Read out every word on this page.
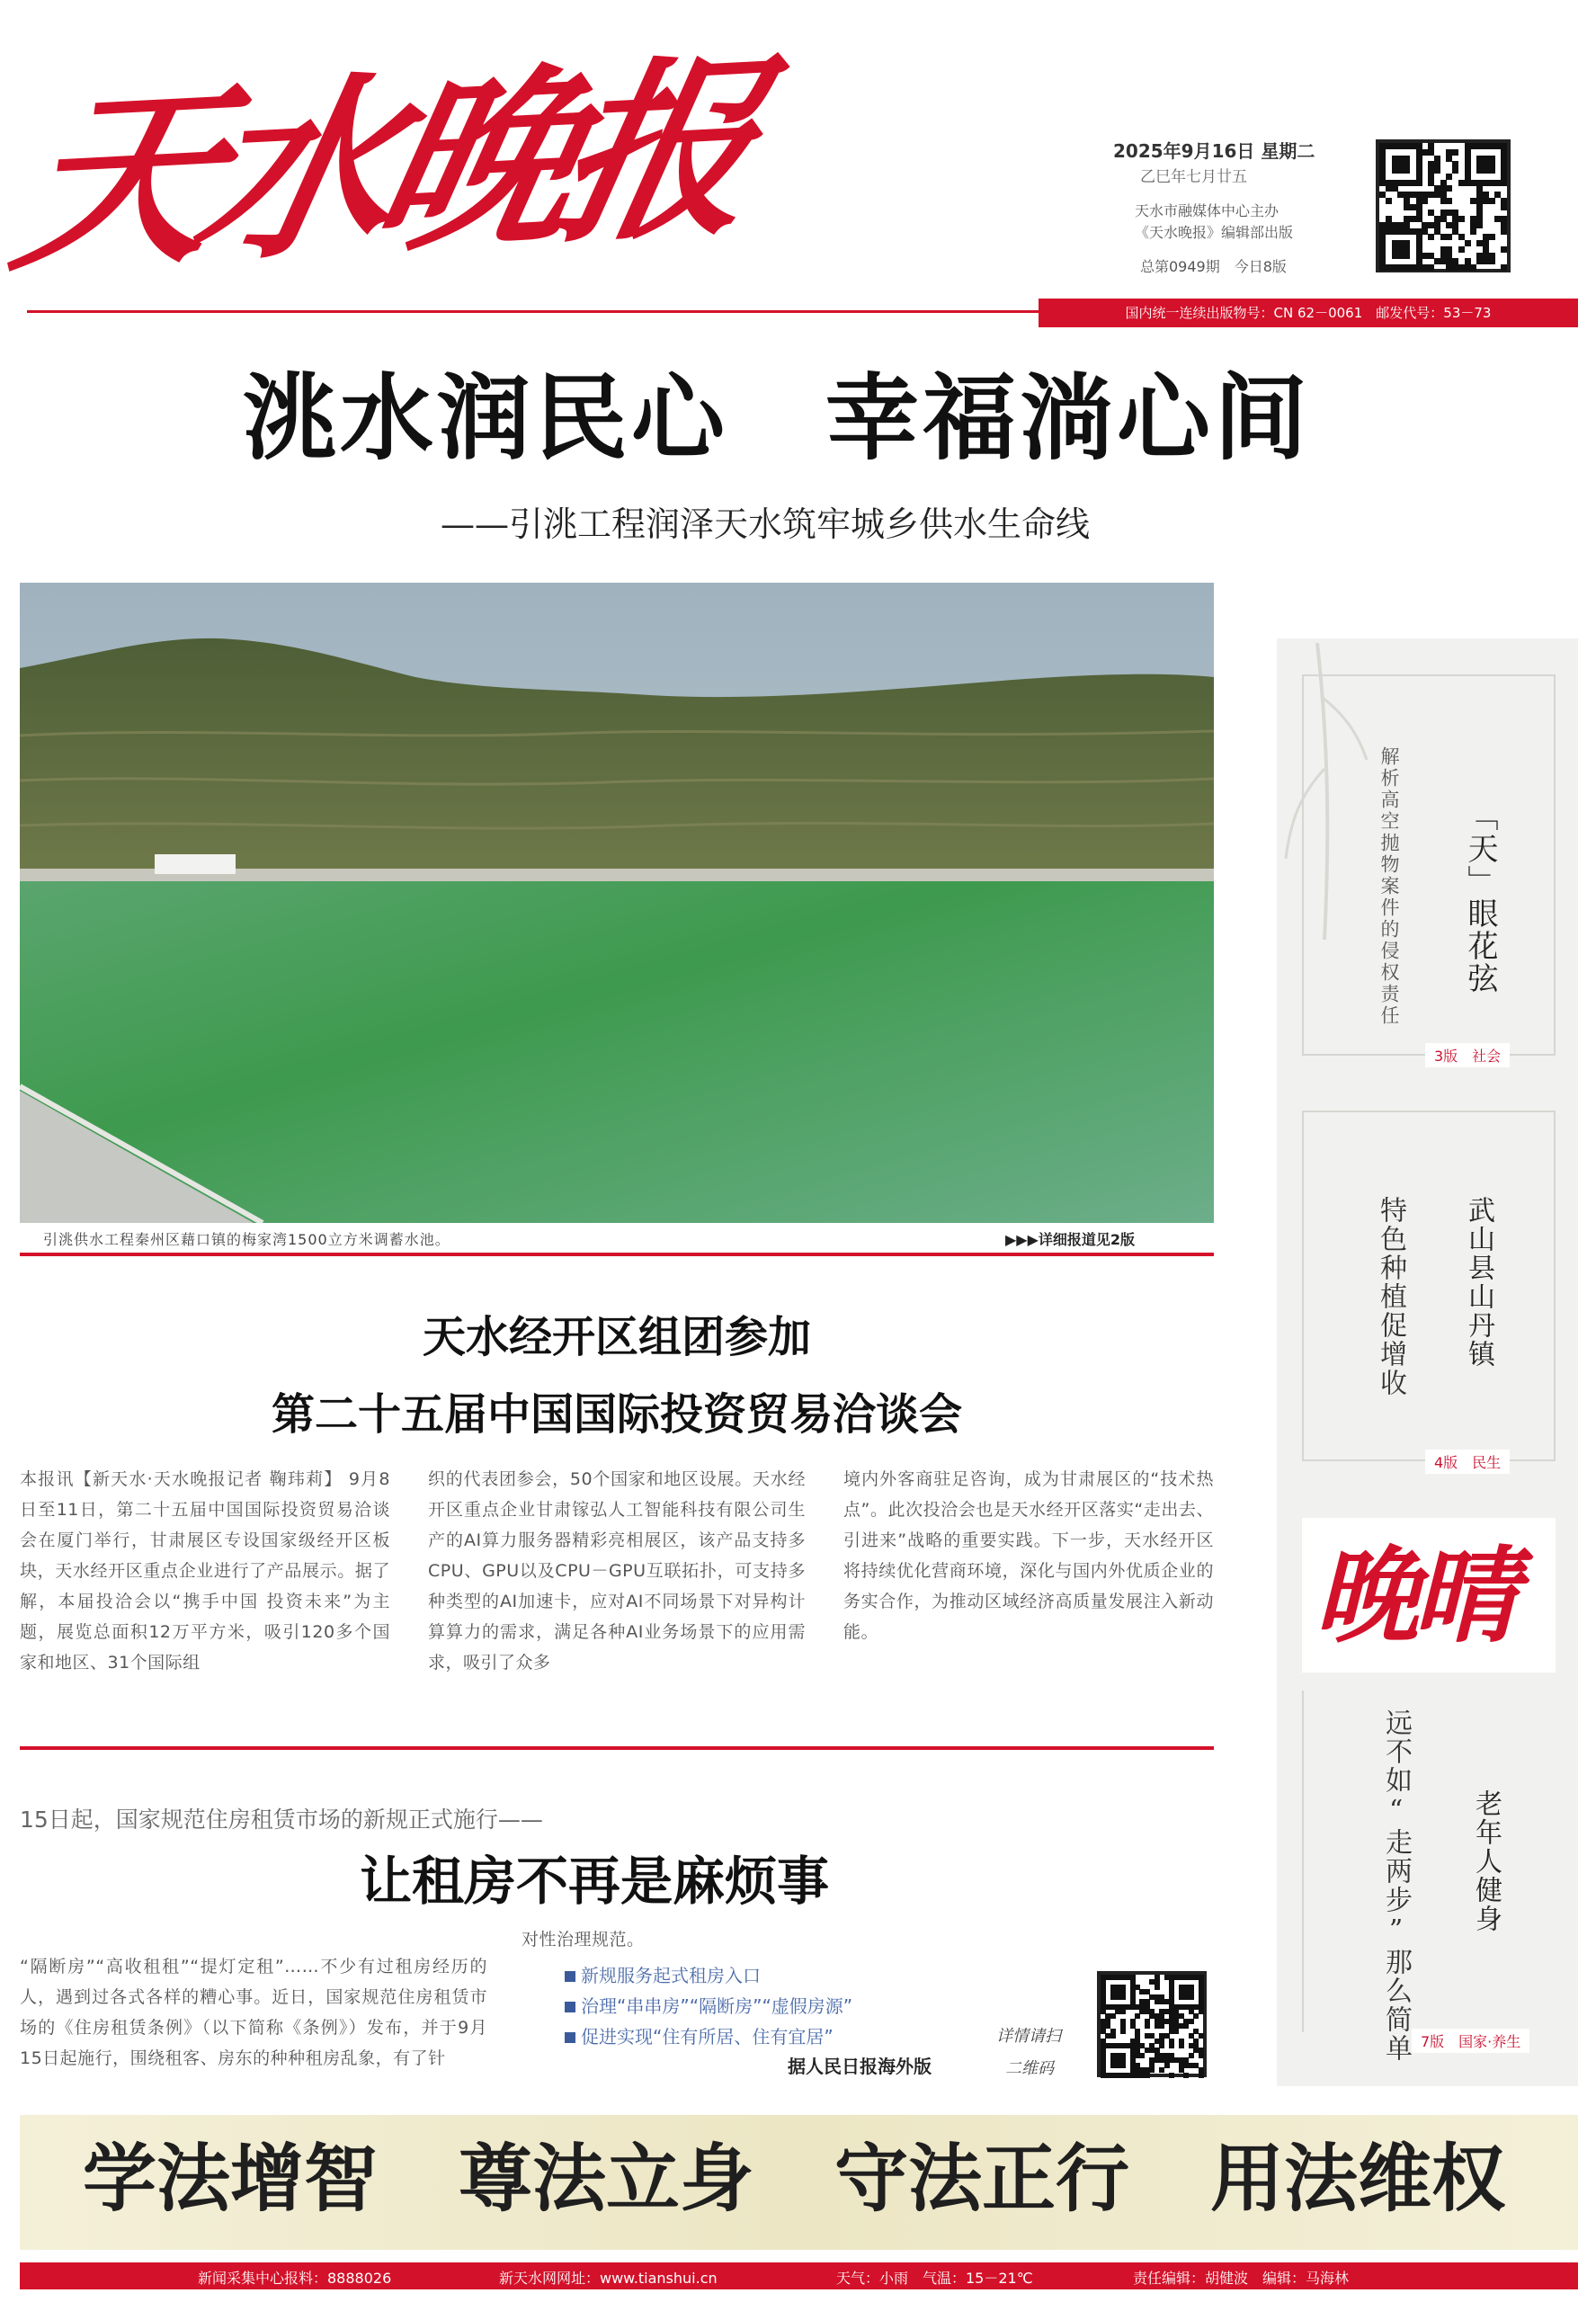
天水晚报	2025年9月16日 星期二
乙巳年七月廿五
天水市融媒体中心主办
《天水晚报》编辑部出版
总第0949期　今日8版
国内统一连续出版物号：CN 62－0061　邮发代号：53－73
洮水润民心　幸福淌心间
——引洮工程润泽天水筑牢城乡供水生命线
引洮供水工程秦州区藉口镇的梅家湾1500立方米调蓄水池。	▶▶▶详细报道见2版
天水经开区组团参加
第二十五届中国国际投资贸易洽谈会
本报讯【新天水·天水晚报记者 鞠玮莉】 9月8日至11日，第二十五届中国国际投资贸易洽谈会在厦门举行，甘肃展区专设国家级经开区板块，天水经开区重点企业进行了产品展示。据了解，本届投洽会以“携手中国 投资未来”为主题，展览总面积12万平方米，吸引120多个国家和地区、31个国际组
织的代表团参会，50个国家和地区设展。天水经开区重点企业甘肃镓弘人工智能科技有限公司生产的AI算力服务器精彩亮相展区，该产品支持多CPU、GPU以及CPU－GPU互联拓扑，可支持多种类型的AI加速卡，应对AI不同场景下对异构计算算力的需求，满足各种AI业务场景下的应用需求，吸引了众多
境内外客商驻足咨询，成为甘肃展区的“技术热点”。此次投洽会也是天水经开区落实“走出去、引进来”战略的重要实践。下一步，天水经开区将持续优化营商环境，深化与国内外优质企业的务实合作，为推动区域经济高质量发展注入新动能。
15日起，国家规范住房租赁市场的新规正式施行——
让租房不再是麻烦事
“隔断房”“高收租租”“提灯定租”……不少有过租房经历的人，遇到过各式各样的糟心事。近日，国家规范住房租赁市场的《住房租赁条例》（以下简称《条例》）发布，并于9月15日起施行，围绕租客、房东的种种租房乱象，有了针
对性治理规范。
新规服务起式租房入口
治理“串串房”“隔断房”“虚假房源”
促进实现“住有所居、住有宜居”
据人民日报海外版
详情请扫
二维码
「天」眼花弦
解析高空抛物案件的侵权责任
3版　社会
武山县山丹镇
特色种植促增收
4版　民生
晚晴
老年人健身
远不如“走两步”那么简单 7版　国家·养生
学法增智 尊法立身 守法正行 用法维权
新闻采集中心报料：8888026	新天水网网址：www.tianshui.cn	天气：小雨　气温：15－21℃	责任编辑：胡健波　编辑：马海林
